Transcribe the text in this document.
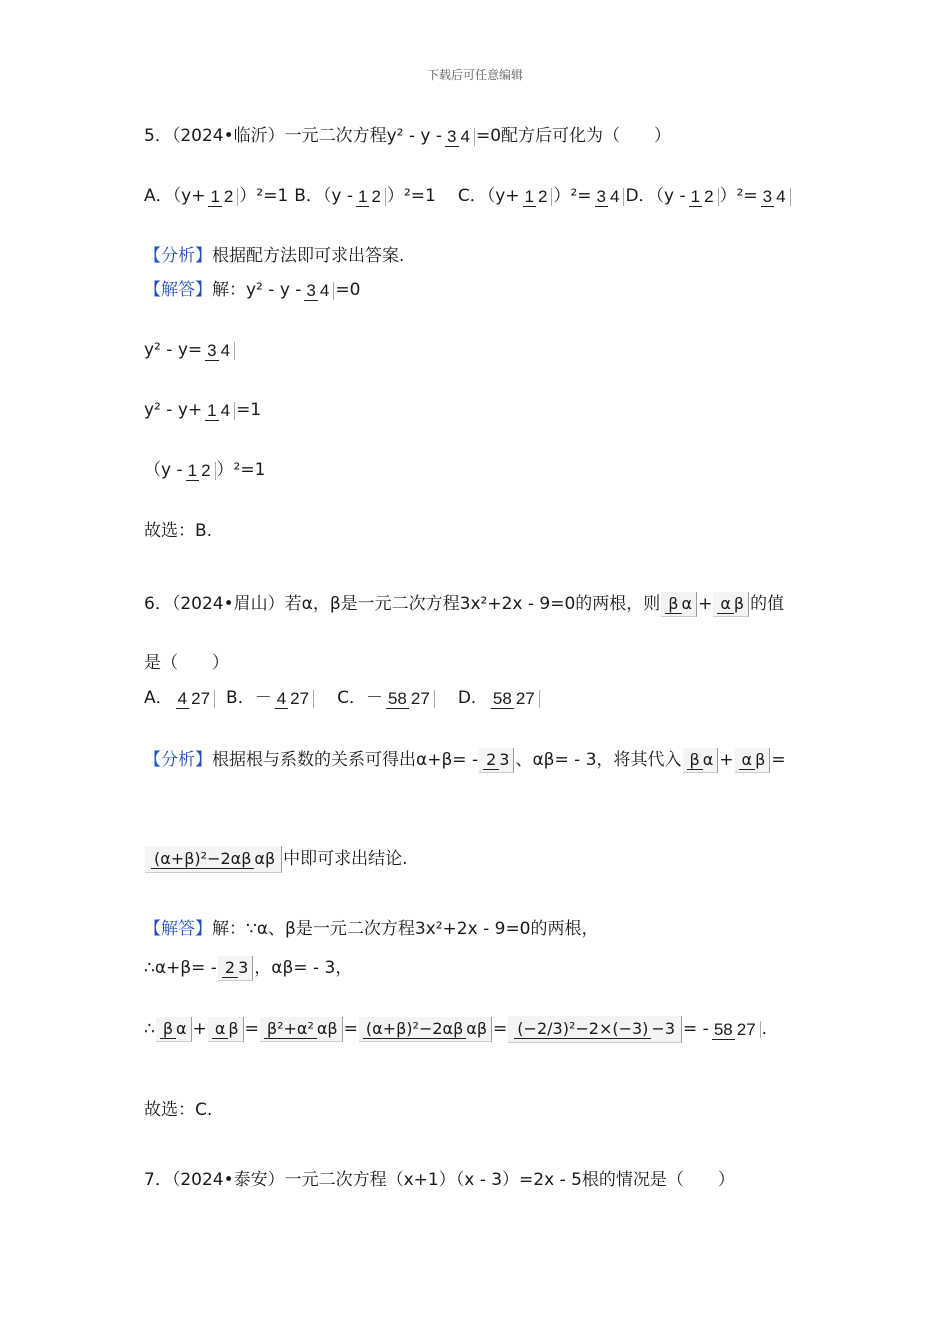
下载后可任意编辑
5．（2024•临沂）一元二次方程y² - y - 3 4 =0配方后可化为（　　）
A．（y+ 1 2 ）²=1 B．（y - 1 2 ）²=1 C．（y+ 1 2 ）²= 3 4 D．（y - 1 2 ）²= 3 4
【分析】 根据配方法即可求出答案.
【解答】 解：y² - y - 3 4 =0
y² - y= 3 4
y² - y+ 1 4 =1
（y - 1 2 ）²=1
故选：B.
6．（2024•眉山）若α，β是一元二次方程3x²+2x - 9=0的两根，则 β α + α β 的值
是（　　）
A． 4 27 B．－ 4 27 C．－ 58 27 D． 58 27
【分析】 根据根与系数的关系可得出α+β= - 2 3 、αβ= - 3，将其代入 β α + α β =
(α+β)²−2αβ αβ 中即可求出结论.
【解答】 解：∵α、β是一元二次方程3x²+2x - 9=0的两根，
∴α+β= - 2 3 ，αβ= - 3，
∴ β α + α β = β²+α² αβ = (α+β)²−2αβ αβ = (−2/3)²−2×(−3) −3 = - 58 27 .
故选：C.
7．（2024•泰安）一元二次方程（x+1）（x - 3）=2x - 5根的情况是（　　）
